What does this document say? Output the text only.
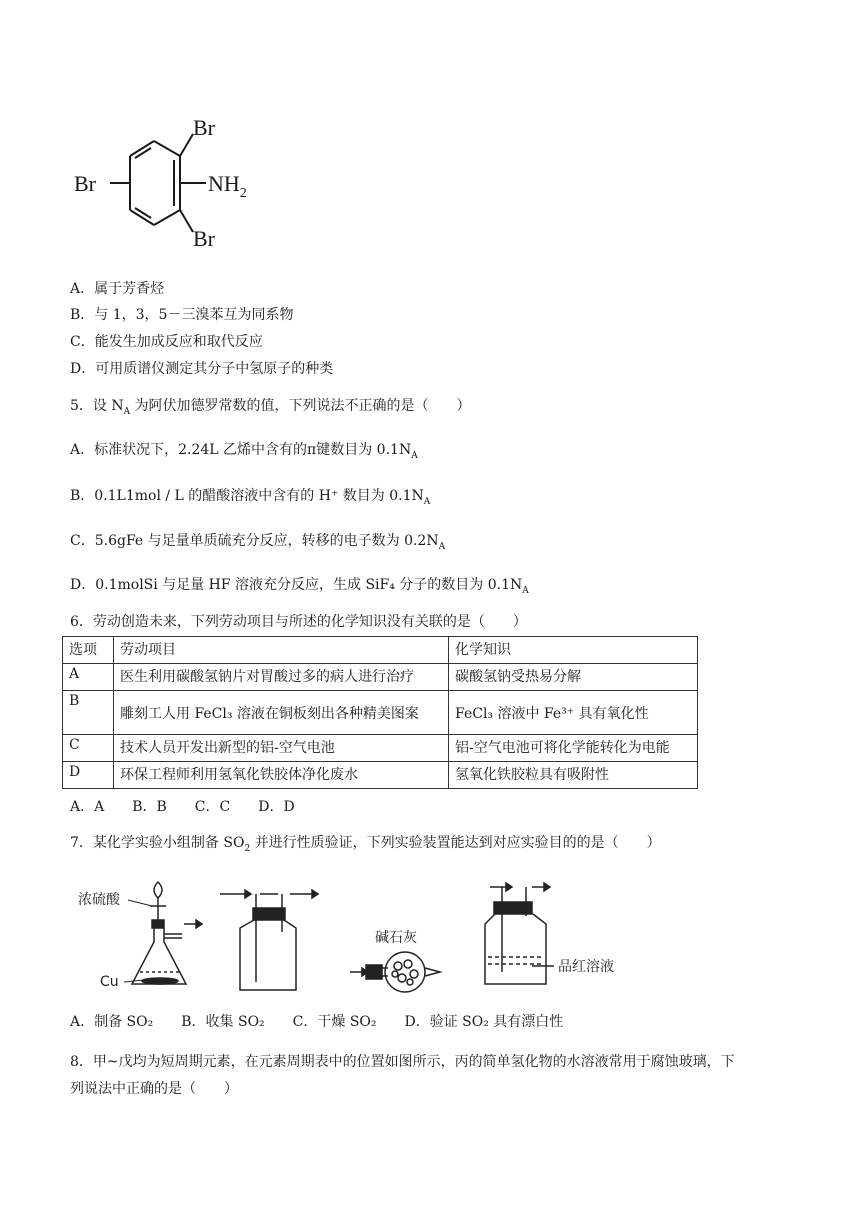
Br
Br
Br
$NH_2$
A．属于芳香烃
B．与 1，3，5－三溴苯互为同系物
C．能发生加成反应和取代反应
D．可用质谱仪测定其分子中氢原子的种类
5．设 $N_A$ 为阿伏加德罗常数的值，下列说法不正确的是（　　）
A．标准状况下，2.24L 乙烯中含有的π键数目为 $0.1N_A$
B．0.1L1mol / L 的醋酸溶液中含有的 H⁺ 数目为 $0.1N_A$
C．5.6gFe 与足量单质硫充分反应，转移的电子数为 $0.2N_A$
D．0.1molSi 与足量 HF 溶液充分反应，生成 SiF₄ 分子的数目为 $0.1N_A$
6．劳动创造未来，下列劳动项目与所述的化学知识没有关联的是（　　）
选项	劳动项目	化学知识
A	医生利用碳酸氢钠片对胃酸过多的病人进行治疗	碳酸氢钠受热易分解
B	雕刻工人用 FeCl₃ 溶液在铜板刻出各种精美图案	FeCl₃ 溶液中 Fe³⁺ 具有氧化性
C	技术人员开发出新型的铝-空气电池	铝-空气电池可将化学能转化为电能
D	环保工程师利用氢氧化铁胶体净化废水	氢氧化铁胶粒具有吸附性
A．A　　B．B　　C．C　　D．D
7．某化学实验小组制备 $SO_2$ 并进行性质验证，下列实验装置能达到对应实验目的的是（　　）
浓硫酸
Cu
碱石灰
品红溶液
A．制备 SO₂　　B．收集 SO₂　　C．干燥 SO₂　　D．验证 SO₂ 具有漂白性
8．甲~戊均为短周期元素，在元素周期表中的位置如图所示，丙的简单氢化物的水溶液常用于腐蚀玻璃，下
列说法中正确的是（　　）
